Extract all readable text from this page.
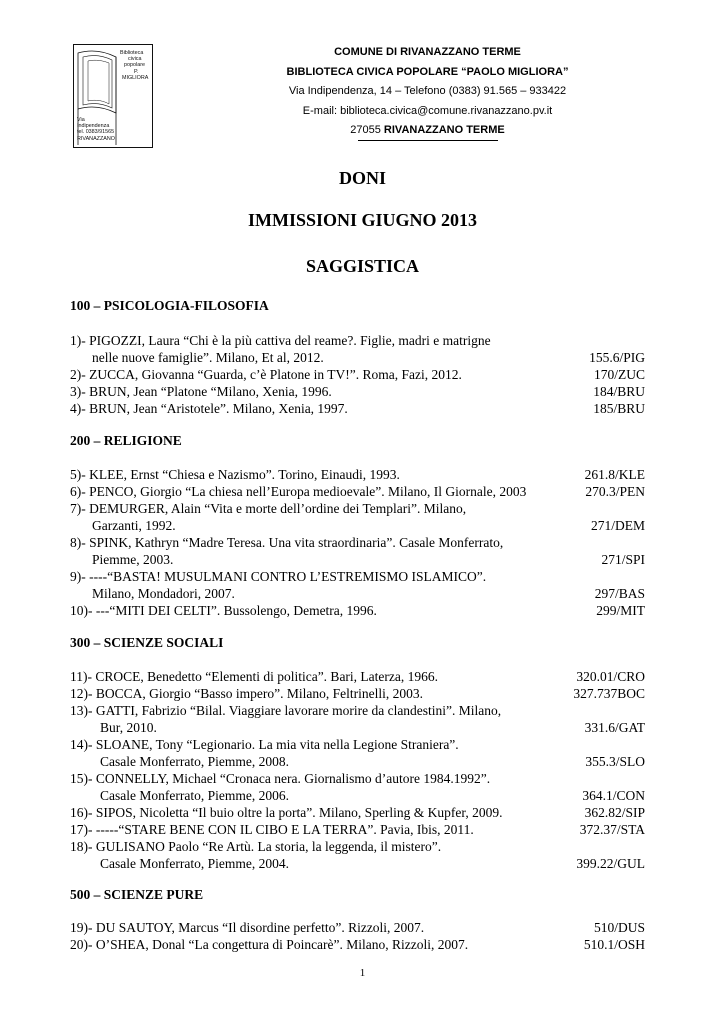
Biblioteca
civica
popolare
P.
MIGLIORA
Via
Indipendenza
tel. 0383/91565
RIVANAZZANO
COMUNE DI RIVANAZZANO TERME
BIBLIOTECA CIVICA POPOLARE “PAOLO MIGLIORA”
Via Indipendenza, 14 – Telefono (0383) 91.565 – 933422
E-mail: biblioteca.civica@comune.rivanazzano.pv.it
27055 RIVANAZZANO TERME
DONI
IMMISSIONI GIUGNO 2013
SAGGISTICA
100 – PSICOLOGIA-FILOSOFIA
1)- PIGOZZI, Laura “Chi è la più cattiva del reame?. Figlie, madri e matrigne
nelle nuove famiglie”. Milano, Et al, 2012.	155.6/PIG
2)- ZUCCA, Giovanna “Guarda, c’è Platone in TV!”. Roma, Fazi, 2012.	170/ZUC
3)- BRUN, Jean “Platone “Milano, Xenia, 1996.	184/BRU
4)- BRUN, Jean “Aristotele”. Milano, Xenia, 1997.	185/BRU
200 – RELIGIONE
5)- KLEE, Ernst “Chiesa e Nazismo”. Torino, Einaudi, 1993.	261.8/KLE
6)- PENCO, Giorgio “La chiesa nell’Europa medioevale”. Milano, Il Giornale, 2003	270.3/PEN
7)- DEMURGER, Alain “Vita e morte dell’ordine dei Templari”. Milano,
Garzanti, 1992.	271/DEM
8)- SPINK, Kathryn “Madre Teresa. Una vita straordinaria”. Casale Monferrato,
Piemme, 2003.	271/SPI
9)- ----“BASTA! MUSULMANI CONTRO L’ESTREMISMO ISLAMICO”.
Milano, Mondadori, 2007.	297/BAS
10)- ---“MITI DEI CELTI”. Bussolengo, Demetra, 1996.	299/MIT
300 – SCIENZE SOCIALI
11)- CROCE, Benedetto “Elementi di politica”. Bari, Laterza, 1966.	320.01/CRO
12)- BOCCA, Giorgio “Basso impero”. Milano, Feltrinelli, 2003.	327.737BOC
13)- GATTI, Fabrizio “Bilal. Viaggiare lavorare morire da clandestini”. Milano,
Bur, 2010.	331.6/GAT
14)- SLOANE, Tony “Legionario. La mia vita nella Legione Straniera”.
Casale Monferrato, Piemme, 2008.	355.3/SLO
15)- CONNELLY, Michael “Cronaca nera. Giornalismo d’autore 1984.1992”.
Casale Monferrato, Piemme, 2006.	364.1/CON
16)- SIPOS, Nicoletta “Il buio oltre la porta”. Milano, Sperling & Kupfer, 2009.	362.82/SIP
17)- -----“STARE BENE CON IL CIBO E LA TERRA”. Pavia, Ibis, 2011.	372.37/STA
18)- GULISANO Paolo “Re Artù. La storia, la leggenda, il mistero”.
Casale Monferrato, Piemme, 2004.	399.22/GUL
500 – SCIENZE PURE
19)- DU SAUTOY, Marcus “Il disordine perfetto”. Rizzoli, 2007.	510/DUS
20)- O’SHEA, Donal “La congettura di Poincarè”. Milano, Rizzoli, 2007.	510.1/OSH
1
